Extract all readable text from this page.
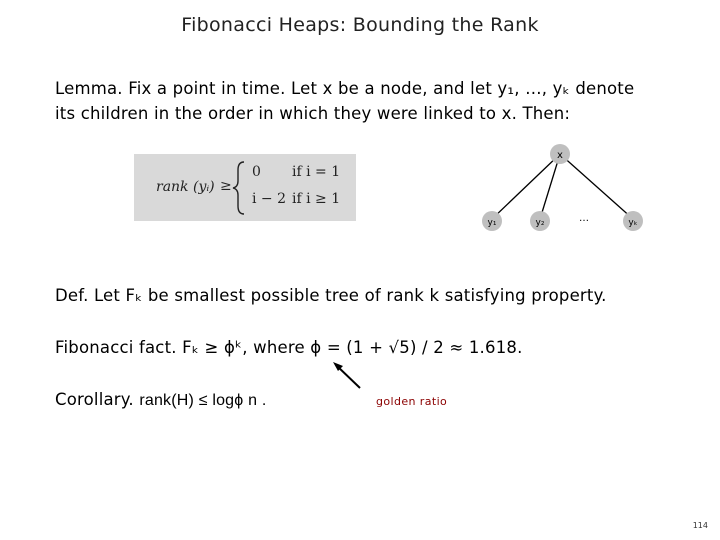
Fibonacci Heaps: Bounding the Rank
Lemma. Fix a point in time. Let x be a node, and let y₁, …, yₖ denote
its children in the order in which they were linked to x. Then:
rank (yᵢ) ≥
0 if i = 1
i − 2 if i ≥ 1
x
y₁	y₂	…	yₖ
Def. Let Fₖ be smallest possible tree of rank k satisfying property.
Fibonacci fact. Fₖ ≥ ϕᵏ, where ϕ = (1 + √5) / 2 ≈ 1.618.
Corollary. rank(H) ≤ logϕ n .	golden ratio
114
